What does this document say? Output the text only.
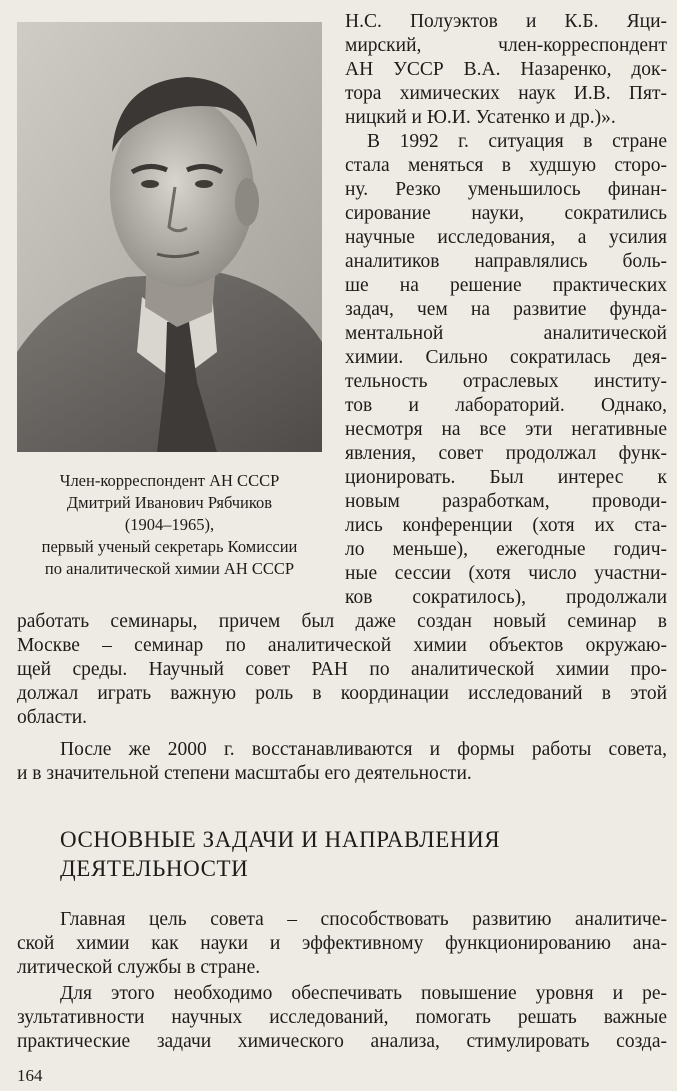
Член-корреспондент АН СССР
Дмитрий Иванович Рябчиков
(1904–1965),
первый ученый секретарь Комиссии
по аналитической химии АН СССР
Н.С. Полуэктов и К.Б. Яци-
мирский, член-корреспондент
АН УССР В.А. Назаренко, док-
тора химических наук И.В. Пят-
ницкий и Ю.И. Усатенко и др.)».
В 1992 г. ситуация в стране
стала меняться в худшую сторо-
ну. Резко уменьшилось финан-
сирование науки, сократились
научные исследования, а усилия
аналитиков направлялись боль-
ше на решение практических
задач, чем на развитие фунда-
ментальной аналитической
химии. Сильно сократилась дея-
тельность отраслевых институ-
тов и лабораторий. Однако,
несмотря на все эти негативные
явления, совет продолжал функ-
ционировать. Был интерес к
новым разработкам, проводи-
лись конференции (хотя их ста-
ло меньше), ежегодные годич-
ные сессии (хотя число участни-
ков сократилось), продолжали
работать семинары, причем был даже создан новый семинар в
Москве – семинар по аналитической химии объектов окружаю-
щей среды. Научный совет РАН по аналитической химии про-
должал играть важную роль в координации исследований в этой
области.
После же 2000 г. восстанавливаются и формы работы совета,
и в значительной степени масштабы его деятельности.
ОСНОВНЫЕ ЗАДАЧИ И НАПРАВЛЕНИЯ
ДЕЯТЕЛЬНОСТИ
Главная цель совета – способствовать развитию аналитиче-
ской химии как науки и эффективному функционированию ана-
литической службы в стране.
Для этого необходимо обеспечивать повышение уровня и ре-
зультативности научных исследований, помогать решать важные
практические задачи химического анализа, стимулировать созда-
164
